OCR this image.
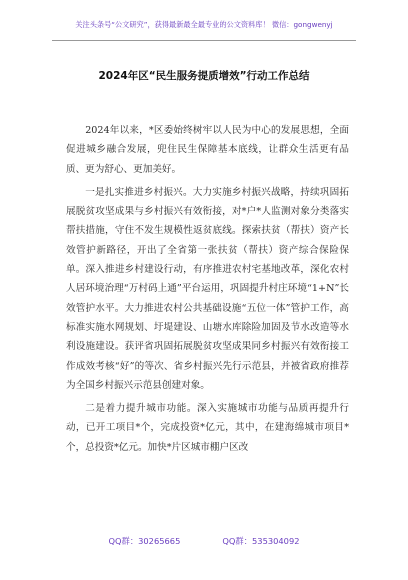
关注头条号“公文研究”，获得最新最全最专业的公文资料库！ 微信：gongwenyj
2024年区“民生服务提质增效”行动工作总结

2024年以来，*区委始终树牢以人民为中心的发展思想，全面促进城乡融合发展，兜住民生保障基本底线，让群众生活更有品质、更为舒心、更加美好。

一是扎实推进乡村振兴。大力实施乡村振兴战略，持续巩固拓展脱贫攻坚成果与乡村振兴有效衔接，对*户*人监测对象分类落实帮扶措施，守住不发生规模性返贫底线。探索扶贫（帮扶）资产长效管护新路径，开出了全省第一张扶贫（帮扶）资产综合保险保单。深入推进乡村建设行动，有序推进农村宅基地改革，深化农村人居环境治理“万村码上通”平台运用，巩固提升村庄环境“1+N”长效管护水平。大力推进农村公共基础设施“五位一体”管护工作，高标准实施水网规划、圩堤建设、山塘水库除险加固及节水改造等水利设施建设。获评省巩固拓展脱贫攻坚成果同乡村振兴有效衔接工作成效考核“好”的等次、省乡村振兴先行示范县，并被省政府推荐为全国乡村振兴示范县创建对象。

二是着力提升城市功能。深入实施城市功能与品质再提升行动，已开工项目*个，完成投资*亿元，其中，在建海绵城市项目*个，总投资*亿元。加快*片区城市棚户区改

QQ群：30265665	QQ群：535304092
